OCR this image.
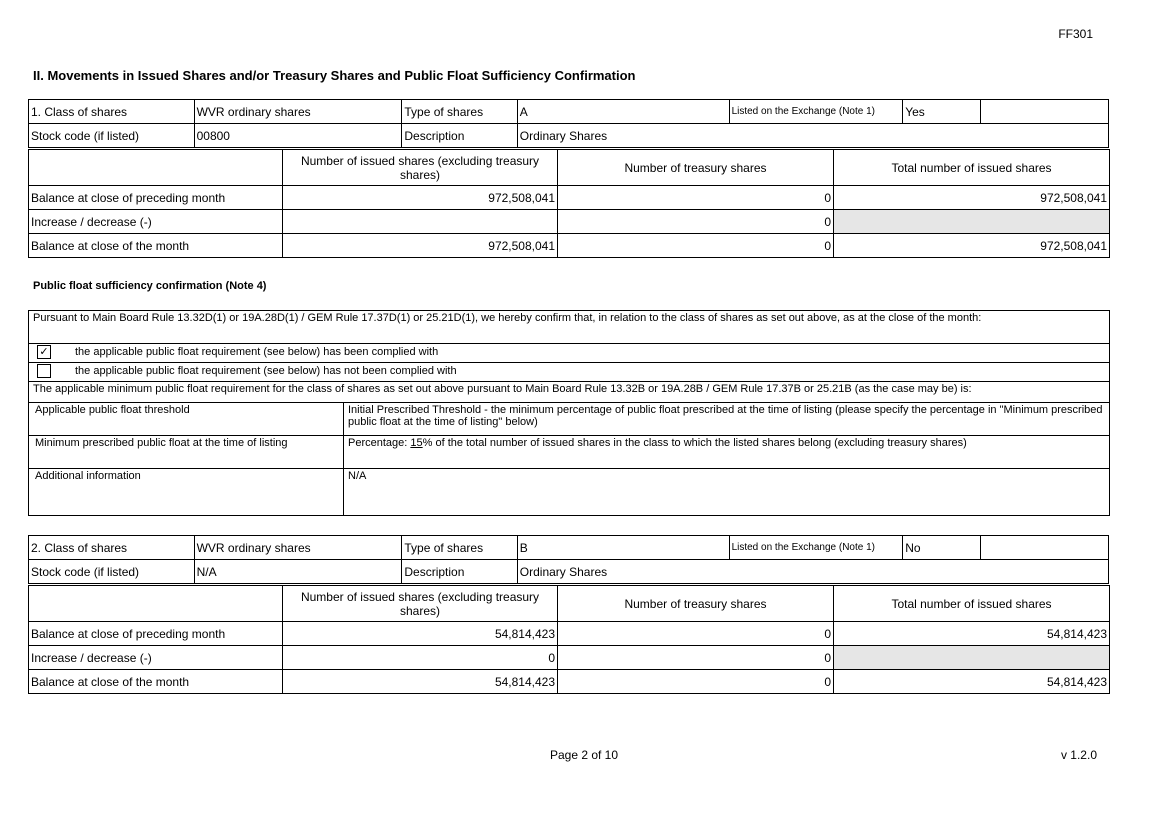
FF301
II. Movements in Issued Shares and/or Treasury Shares and Public Float Sufficiency Confirmation
1. Class of shares	WVR ordinary shares	Type of shares	A	Listed on the Exchange (Note 1)	Yes	
Stock code (if listed)	00800	Description	Ordinary Shares			
	Number of issued shares (excluding treasury shares)	Number of treasury shares	Total number of issued shares
Balance at close of preceding month	972,508,041	0	972,508,041
Increase / decrease (-)		0	
Balance at close of the month	972,508,041	0	972,508,041
Public float sufficiency confirmation (Note 4)
Pursuant to Main Board Rule 13.32D(1) or 19A.28D(1) / GEM Rule 17.37D(1) or 25.21D(1), we hereby confirm that, in relation to the class of shares as set out above, as at the close of the month:	
✓ the applicable public float requirement (see below) has been complied with	
the applicable public float requirement (see below) has not been complied with	
The applicable minimum public float requirement for the class of shares as set out above pursuant to Main Board Rule 13.32B or 19A.28B / GEM Rule 17.37B or 25.21B (as the case may be) is:	
Applicable public float threshold	Initial Prescribed Threshold - the minimum percentage of public float prescribed at the time of listing (please specify the percentage in "Minimum prescribed public float at the time of listing" below)
Minimum prescribed public float at the time of listing	Percentage: 15% of the total number of issued shares in the class to which the listed shares belong (excluding treasury shares)
Additional information	N/A
2. Class of shares	WVR ordinary shares	Type of shares	B	Listed on the Exchange (Note 1)	No	
Stock code (if listed)	N/A	Description	Ordinary Shares			
	Number of issued shares (excluding treasury shares)	Number of treasury shares	Total number of issued shares
Balance at close of preceding month	54,814,423	0	54,814,423
Increase / decrease (-)	0	0	
Balance at close of the month	54,814,423	0	54,814,423
Page 2 of 10	v 1.2.0
